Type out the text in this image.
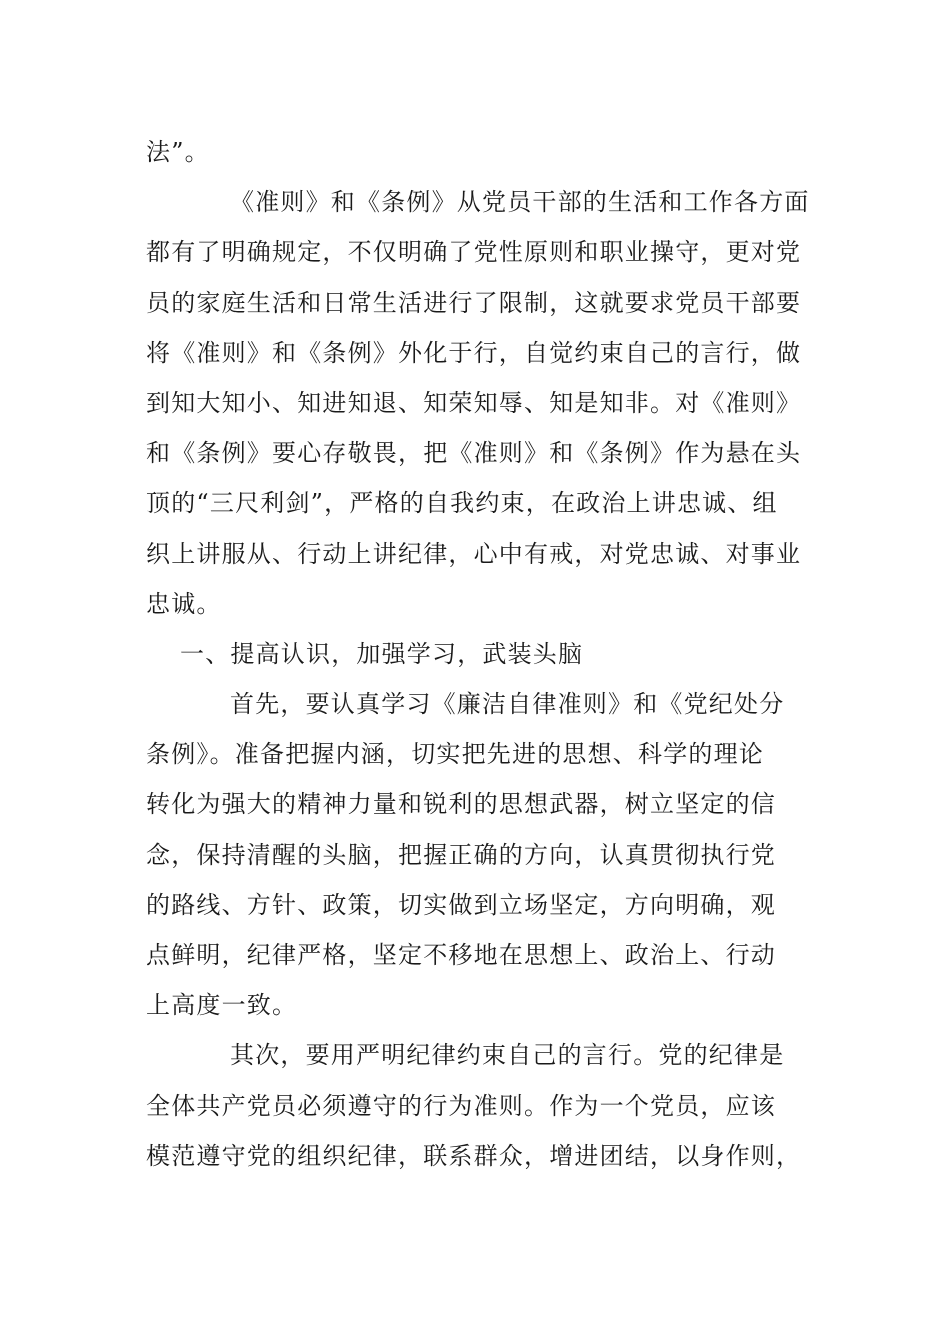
法”。
《准则》和《条例》从党员干部的生活和工作各方面
都有了明确规定，不仅明确了党性原则和职业操守，更对党
员的家庭生活和日常生活进行了限制，这就要求党员干部要
将《准则》和《条例》外化于行，自觉约束自己的言行，做
到知大知小、知进知退、知荣知辱、知是知非。对《准则》
和《条例》要心存敬畏，把《准则》和《条例》作为悬在头
顶的“三尺利剑”，严格的自我约束，在政治上讲忠诚、组
织上讲服从、行动上讲纪律，心中有戒，对党忠诚、对事业
忠诚。
一、提高认识，加强学习，武装头脑
首先，要认真学习《廉洁自律准则》和《党纪处分
条例》。准备把握内涵，切实把先进的思想、科学的理论
转化为强大的精神力量和锐利的思想武器，树立坚定的信
念，保持清醒的头脑，把握正确的方向，认真贯彻执行党
的路线、方针、政策，切实做到立场坚定，方向明确，观
点鲜明，纪律严格，坚定不移地在思想上、政治上、行动
上高度一致。
其次，要用严明纪律约束自己的言行。党的纪律是
全体共产党员必须遵守的行为准则。作为一个党员，应该
模范遵守党的组织纪律，联系群众，增进团结，以身作则，
